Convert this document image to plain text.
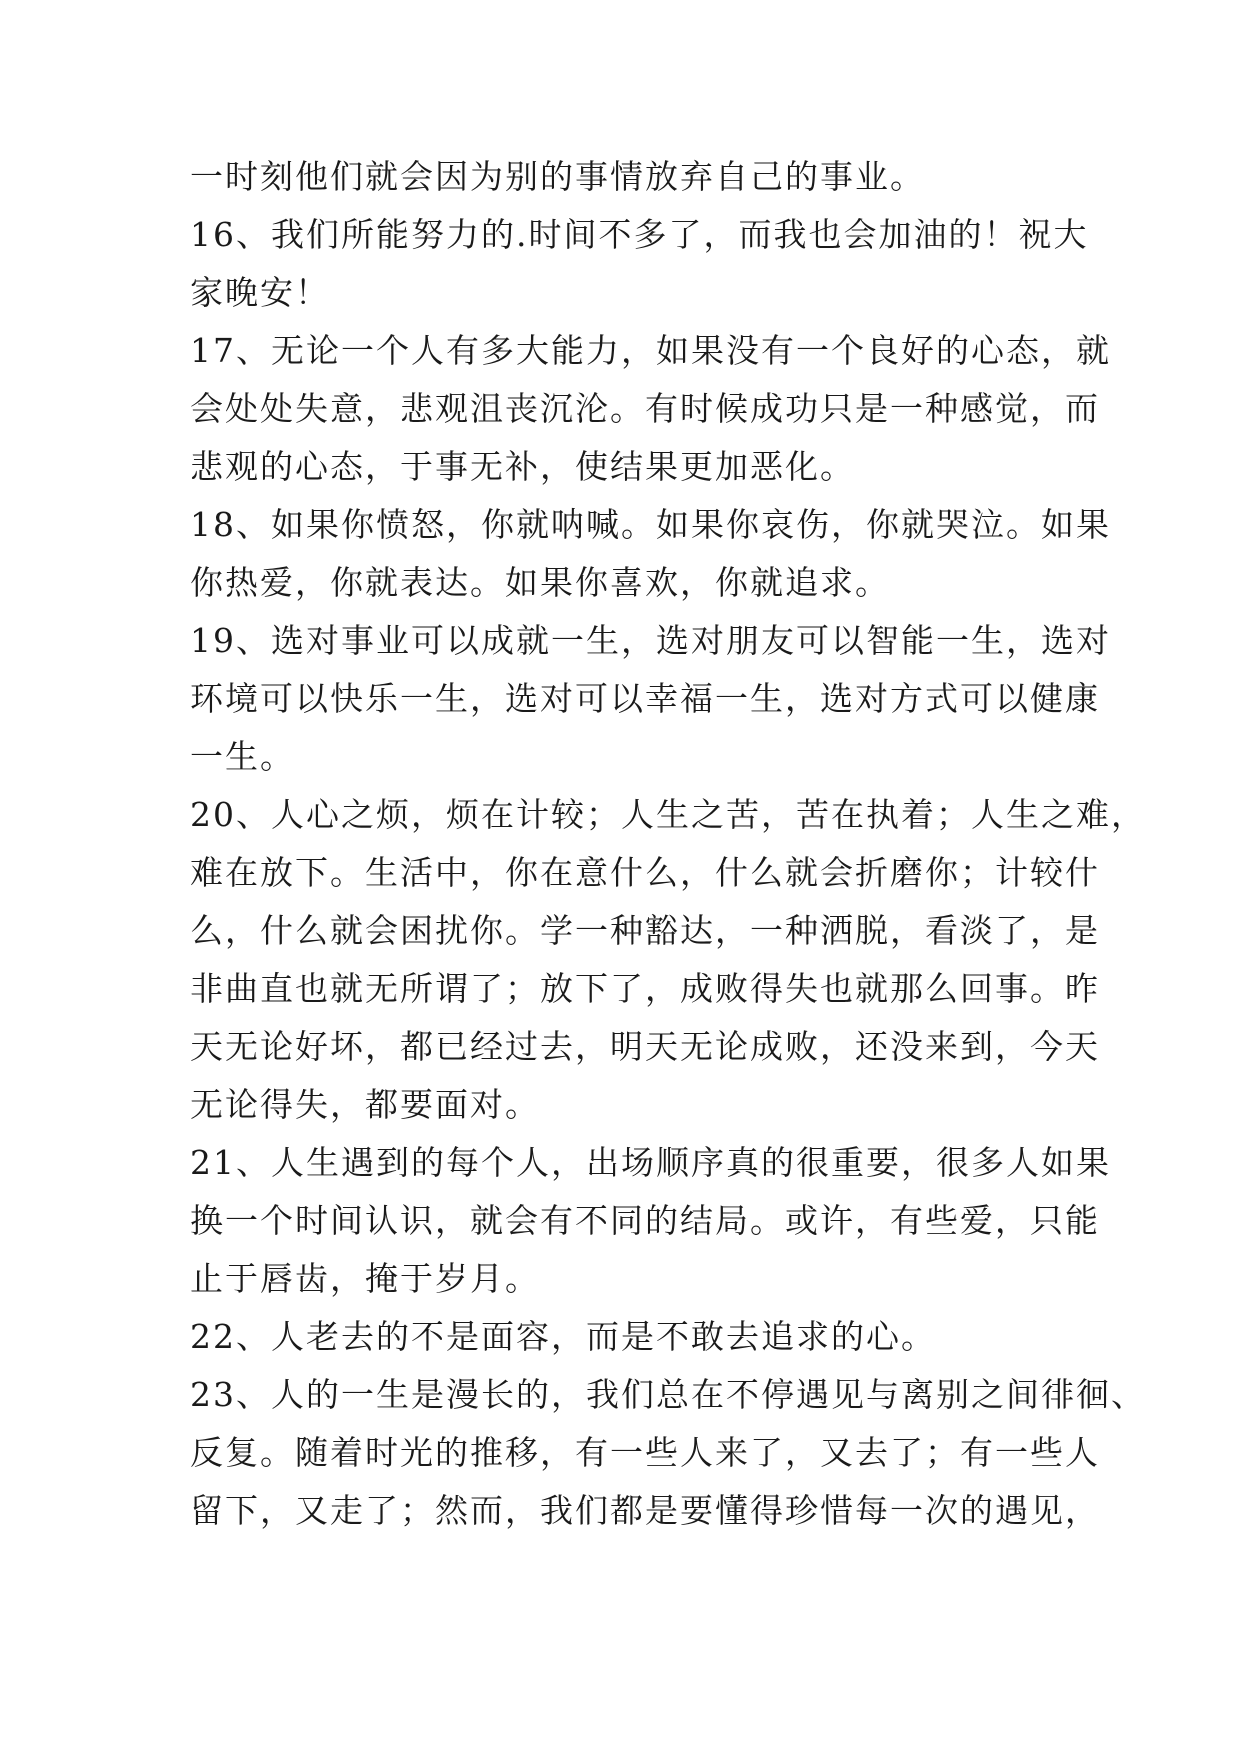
一时刻他们就会因为别的事情放弃自己的事业。
16、我们所能努力的.时间不多了，而我也会加油的！祝大
家晚安！
17、无论一个人有多大能力，如果没有一个良好的心态，就
会处处失意，悲观沮丧沉沦。有时候成功只是一种感觉，而
悲观的心态，于事无补，使结果更加恶化。
18、如果你愤怒，你就呐喊。如果你哀伤，你就哭泣。如果
你热爱，你就表达。如果你喜欢，你就追求。
19、选对事业可以成就一生，选对朋友可以智能一生，选对
环境可以快乐一生，选对可以幸福一生，选对方式可以健康
一生。
20、人心之烦，烦在计较；人生之苦，苦在执着；人生之难，
难在放下。生活中，你在意什么，什么就会折磨你；计较什
么，什么就会困扰你。学一种豁达，一种洒脱，看淡了，是
非曲直也就无所谓了；放下了，成败得失也就那么回事。昨
天无论好坏，都已经过去，明天无论成败，还没来到，今天
无论得失，都要面对。
21、人生遇到的每个人，出场顺序真的很重要，很多人如果
换一个时间认识，就会有不同的结局。或许，有些爱，只能
止于唇齿，掩于岁月。
22、人老去的不是面容，而是不敢去追求的心。
23、人的一生是漫长的，我们总在不停遇见与离别之间徘徊、
反复。随着时光的推移，有一些人来了，又去了；有一些人
留下，又走了；然而，我们都是要懂得珍惜每一次的遇见，
